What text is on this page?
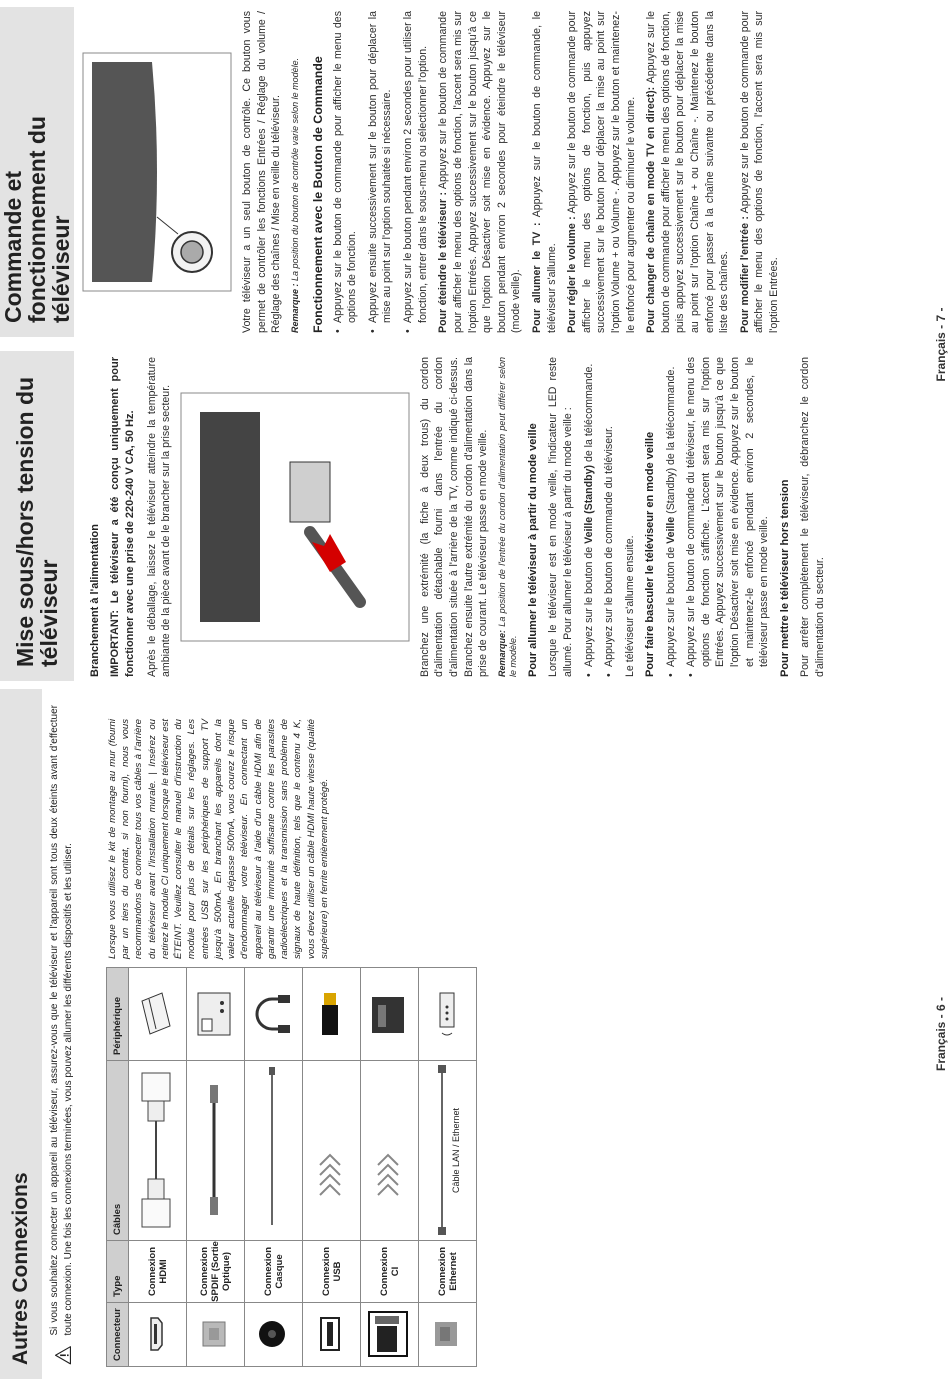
Autres Connexions	Si vous souhaitez connecter un appareil au téléviseur, assurez-vous que le téléviseur et l'appareil sont tous deux éteints avant d'effectuer toute connexion. Une fois les connexions terminées, vous pouvez allumer les différents dispositifs et les utiliser.	Connecteur	Type	Câbles	Périphérique
	Connexion HDMI		
	Connexion SPDIF (Sortie Optique)		
	Connexion Casque		
	Connexion USB		
	Connexion CI		
	Connexion Ethernet	Câble LAN / Ethernet

Lorsque vous utilisez le kit de montage au mur (fourni par un tiers du contrat, si non fourni), nous vous recommandons de connecter tous vos câbles à l'arrière du téléviseur avant l'installation murale. | Insérez ou retirez le module CI uniquement lorsque le téléviseur est ÉTEINT. Veuillez consulter le manuel d'instruction du module pour plus de détails sur les réglages. Les entrées USB sur les périphériques de support TV jusqu'à 500mA. En branchant les appareils dont la valeur actuelle dépasse 500mA, vous courez le risque d'endommager votre téléviseur. En connectant un appareil au téléviseur à l'aide d'un câble HDMI afin de garantir une immunité suffisante contre les parasites radioélectriques et la transmission sans problème de signaux de haute définition, tels que le contenu 4 K, vous devez utiliser un câble HDMI haute vitesse (qualité supérieure) en ferrite entièrement protégé.
Français - 6 -
Mise sous/hors tension du téléviseur	Branchement à l'alimentation IMPORTANT: Le téléviseur a été conçu uniquement pour fonctionner avec une prise de 220-240 V CA, 50 Hz. Après le déballage, laissez le téléviseur atteindre la température ambiante de la pièce avant de le brancher sur la prise secteur.	Branchez une extrémité (la fiche à deux trous) du cordon d'alimentation détachable fourni dans l'entrée du cordon d'alimentation située à l'arrière de la TV, comme indiqué ci-dessus. Branchez ensuite l'autre extrémité du cordon d'alimentation dans la prise de courant. Le téléviseur passe en mode veille. Remarque: La position de l'entrée du cordon d'alimentation peut différer selon le modèle. Pour allumer le téléviseur à partir du mode veille Lorsque le téléviseur est en mode veille, l'indicateur LED reste allumé. Pour allumer le téléviseur à partir du mode veille : • Appuyez sur le bouton de Veille (Standby) de la télécommande.
• Appuyez sur le bouton de commande du téléviseur. Le téléviseur s'allume ensuite. Pour faire basculer le téléviseur en mode veille • Appuyez sur le bouton de Veille (Standby) de la télécommande. • Appuyez sur le bouton de commande du téléviseur, le menu des options de fonction s'affiche. L'accent sera mis sur l'option Entrées. Appuyez successivement sur le bouton jusqu'à ce que l'option Désactiver soit mise en évidence. Appuyez sur le bouton et maintenez-le enfoncé pendant environ 2 secondes, le téléviseur passe en mode veille. Pour mettre le téléviseur hors tension Pour arrêter complètement le téléviseur, débranchez le cordon d'alimentation du secteur.

Commande et fonctionnement du téléviseur	Votre téléviseur a un seul bouton de contrôle. Ce bouton vous permet de contrôler les fonctions Entrées / Réglage du volume / Réglage des chaînes / Mise en veille du téléviseur. Remarque : La position du bouton de contrôle varie selon le modèle. Fonctionnement avec le Bouton de Commande • Appuyez sur le bouton de commande pour afficher le menu des options de fonction. • Appuyez ensuite successivement sur le bouton pour déplacer la mise au point sur l'option souhaitée si nécessaire. • Appuyez sur le bouton pendant environ 2 secondes pour utiliser la fonction, entrer dans le sous-menu ou sélectionner l'option. Pour éteindre le téléviseur : Appuyez sur le bouton de commande pour afficher le menu des options de fonction, l'accent sera mis sur l'option Entrées. Appuyez successivement sur le bouton jusqu'à ce que l'option Désactiver soit mise en évidence. Appuyez sur le bouton pendant environ 2 secondes pour éteindre le téléviseur (mode veille). Pour allumer le TV : Appuyez sur le bouton de commande, le téléviseur s'allume. Pour régler le volume : Appuyez sur le bouton de commande pour afficher le menu des options de fonction, puis appuyez successivement sur le bouton pour déplacer la mise au point sur l'option Volume + ou Volume -. Appuyez sur le bouton et maintenez-le enfoncé pour augmenter ou diminuer le volume. Pour changer de chaîne en mode TV en direct): Appuyez sur le bouton de commande pour afficher le menu des options de fonction, puis appuyez successivement sur le bouton pour déplacer la mise au point sur l'option Chaîne + ou Chaîne -. Maintenez le bouton enfoncé pour passer à la chaîne suivante ou précédente dans la liste des chaînes. Pour modifier l'entrée : Appuyez sur le bouton de commande pour afficher le menu des options de fonction, l'accent sera mis sur l'option Entrées.

Français - 7 -
